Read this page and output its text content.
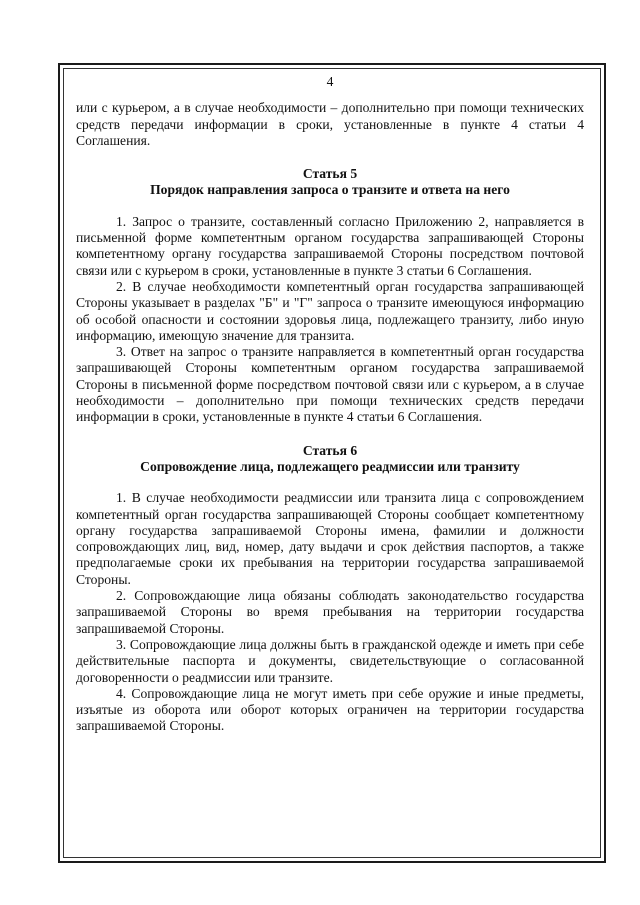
4

или с курьером, а в случае необходимости – дополнительно при помощи технических средств передачи информации в сроки, установленные в пункте 4 статьи 4 Соглашения.

Статья 5

Порядок направления запроса о транзите и ответа на него

1. Запрос о транзите, составленный согласно Приложению 2, направляется в письменной форме компетентным органом государства запрашивающей Стороны компетентному органу государства запрашиваемой Стороны посредством почтовой связи или с курьером в сроки, установленные в пункте 3 статьи 6 Соглашения.

2. В случае необходимости компетентный орган государства запрашивающей Стороны указывает в разделах "Б" и "Г" запроса о транзите имеющуюся информацию об особой опасности и состоянии здоровья лица, подлежащего транзиту, либо иную информацию, имеющую значение для транзита.

3. Ответ на запрос о транзите направляется в компетентный орган государства запрашивающей Стороны компетентным органом государства запрашиваемой Стороны в письменной форме посредством почтовой связи или с курьером, а в случае необходимости – дополнительно при помощи технических средств передачи информации в сроки, установленные в пункте 4 статьи 6 Соглашения.

Статья 6

Сопровождение лица, подлежащего реадмиссии или транзиту

1. В случае необходимости реадмиссии или транзита лица с сопровождением компетентный орган государства запрашивающей Стороны сообщает компетентному органу государства запрашиваемой Стороны имена, фамилии и должности сопровождающих лиц, вид, номер, дату выдачи и срок действия паспортов, а также предполагаемые сроки их пребывания на территории государства запрашиваемой Стороны.

2. Сопровождающие лица обязаны соблюдать законодательство государства запрашиваемой Стороны во время пребывания на территории государства запрашиваемой Стороны.

3. Сопровождающие лица должны быть в гражданской одежде и иметь при себе действительные паспорта и документы, свидетельствующие о согласованной договоренности о реадмиссии или транзите.

4. Сопровождающие лица не могут иметь при себе оружие и иные предметы, изъятые из оборота или оборот которых ограничен на территории государства запрашиваемой Стороны.
